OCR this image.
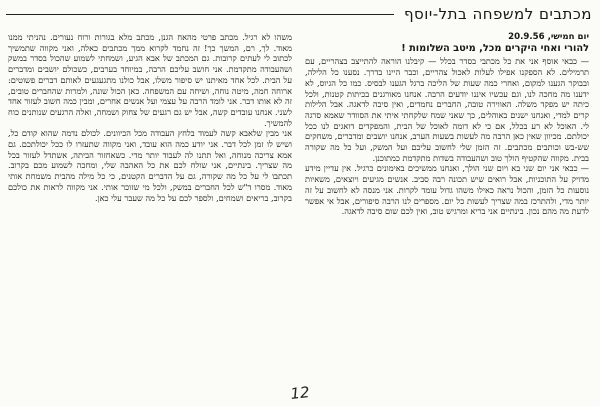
מכתבים למשפחה בתל-יוסף
יום חמישי, 20.9.56
להורי ואחי היקרים מכל, מיטב השלומות !

— כבאי אוסף אני את כל מכתבי בסדר בכלל — קיבלנו הוראה להתייצב בצהריים, עם תרמילים. לא הספקנו אפילו לעלות לאכול צהריים, וכבר היינו בדרך. נסענו כל הלילה, ובבוקר הגענו למקום, ואחרי כמה שעות של הליכה ברגל הגענו לבסיס. כמו כל הגיוס, לא ידענו מה מחכה לנו, וגם עכשיו איננו יודעים הרבה. אנחנו מאורגנים בכיתות קטנות, ולכל כיתה יש מפקד משלה. האווירה טובה, החברים נחמדים, ואין סיבה לדאגה. אבל הלילות קרים למדי, ואנחנו ישנים באוהלים, כך שאני שמח שלקחתי איתי את הסוודר שאמא סרגה לי. האוכל לא רע בכלל, אם כי לא דומה לאוכל של הבית, והמפקדים דואגים לנו ככל יכולתם. מכיוון שאין כאן הרבה מה לעשות בשעות הערב, אנחנו יושבים ומדברים, משחקים שש-בש וכותבים מכתבים. זה הזמן שלי לחשוב עליכם ועל המשק, ועל כל מה שקורה בבית. מקווה שהקטיף הולך טוב ושהעבודה בשדות מתקדמת כמתוכנן.

— כבאי אני יום שני בא ויום שני הולך, ואנחנו ממשיכים באימונים כרגיל. אין עדיין מידע מדויק על התוכניות, אבל רואים שיש תכונה רבה סביב. אנשים מגיעים ויוצאים, משאיות נוסעות כל הזמן, והכול נראה כאילו משהו גדול עומד לקרות. אני מנסה לא לחשוב על זה יותר מדי, ולהתרכז במה שצריך לעשות כל יום. מספרים לנו הרבה סיפורים, אבל אי אפשר לדעת מה מהם נכון. בינתיים אני בריא ומרגיש טוב, ואין לכם שום סיבה לדאגה.

משהו לא רגיל. מכתב פרטי מהאח הגנן, מכתב מלא בגורות ורוח נעורים. נהניתי ממנו מאוד. לך, רם, המשך כך! זה נחמד לקרוא ממך מכתבים כאלה, ואני מקווה שתמשיך לכתוב לי לעתים קרובות. גם המכתב של אבא הגיע, ושמחתי לשמוע שהכול בסדר במשק ושהעבודה מתקדמת. אני חושב עליכם הרבה, במיוחד בערבים, כשכולם יושבים ומדברים על הבית. לכל אחד מאיתנו יש סיפור משלו, אבל כולנו מתגעגעים לאותם דברים פשוטים: ארוחה חמה, מיטה נוחה, ושיחה עם המשפחה. כאן הכול שונה, ולמרות שהחברים טובים, זה לא אותו דבר. אני לומד הרבה על עצמי ועל אנשים אחרים, ומבין כמה חשוב לעזור אחד לשני. אנחנו עובדים קשה, אבל יש גם רגעים של צחוק ושמחה, ואלה הרגעים שנותנים כוח להמשיך.

אני מבין שלאבא קשה לעמוד בלחץ העבודה מכל הכיוונים. לכולם נדמה שהוא קודם כל, ושיש לו זמן לכל דבר. אני יודע כמה הוא עובד, ואני מקווה שתעזרו לו ככל יכולתכם. גם אמא צריכה מנוחה, ואל תתנו לה לעבוד יותר מדי. כשאחזור הביתה, אשתדל לעזור בכל מה שצריך. בינתיים, אני שולח לכם את כל האהבה שלי, ומחכה לשמוע מכם בקרוב. תכתבו לי על כל מה שקורה, גם על הדברים הקטנים, כי כל מילה מהבית משמחת אותי מאוד. מסרו ד"ש לכל החברים במשק, ולכל מי שזוכר אותי. אני מקווה לראות את כולכם בקרוב, בריאים ושמחים, ולספר לכם על כל מה שעבר עלי כאן.

12
